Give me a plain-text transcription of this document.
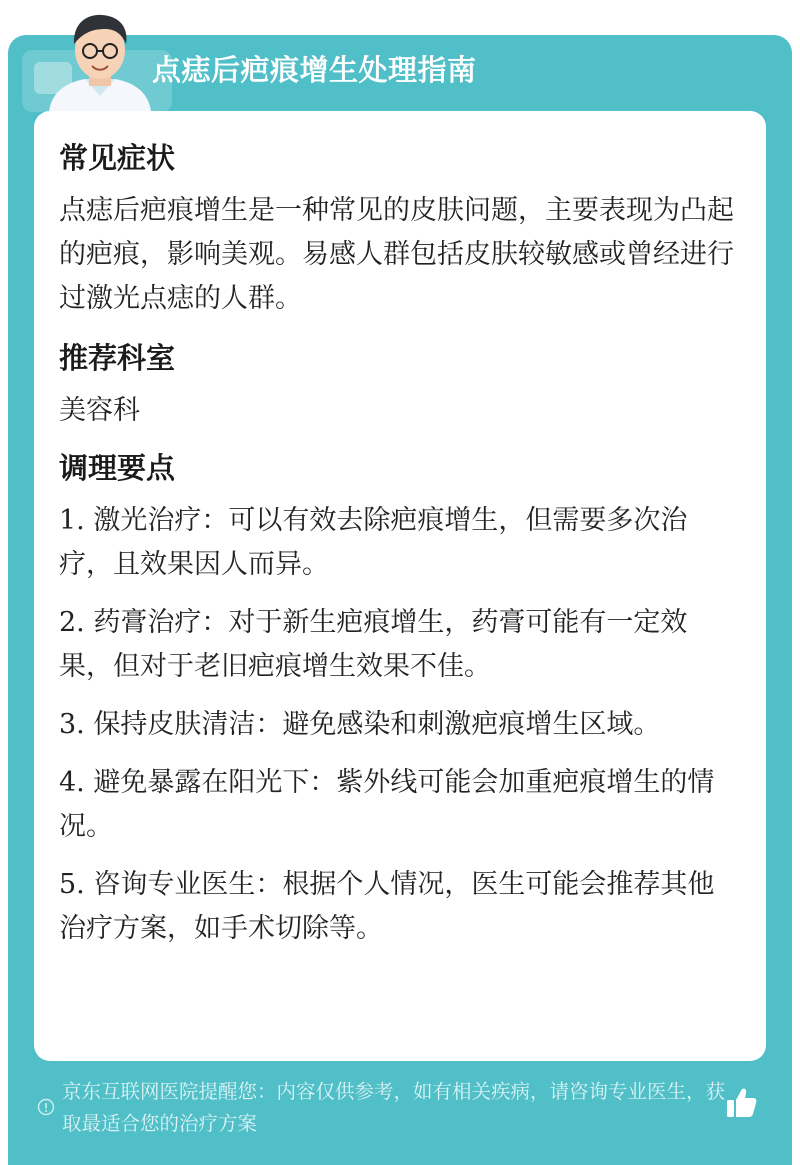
点痣后疤痕增生处理指南
常见症状

点痣后疤痕增生是一种常见的皮肤问题，主要表现为凸起的疤痕，影响美观。易感人群包括皮肤较敏感或曾经进行过激光点痣的人群。

推荐科室

美容科

调理要点
1. 激光治疗：可以有效去除疤痕增生，但需要多次治疗，且效果因人而异。
2. 药膏治疗：对于新生疤痕增生，药膏可能有一定效果，但对于老旧疤痕增生效果不佳。
3. 保持皮肤清洁：避免感染和刺激疤痕增生区域。
4. 避免暴露在阳光下：紫外线可能会加重疤痕增生的情况。
5. 咨询专业医生：根据个人情况，医生可能会推荐其他治疗方案，如手术切除等。
京东互联网医院提醒您：内容仅供参考，如有相关疾病，请咨询专业医生，获取最适合您的治疗方案
